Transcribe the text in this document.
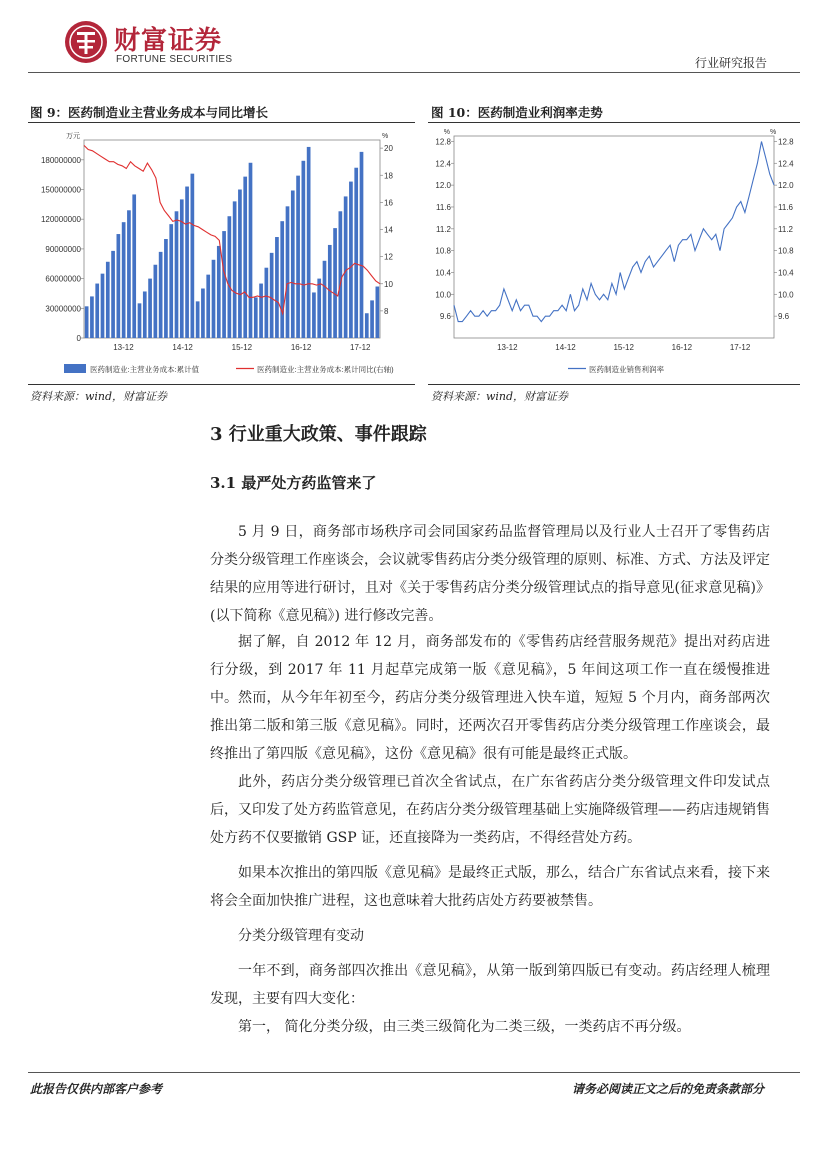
财富证券
FORTUNE SECURITIES	行业研究报告
图 9：医药制造业主营业务成本与同比增长	图 10：医药制造业利润率走势
万元	%
0
30000000
60000000
90000000
120000000
150000000
180000000
8
10
12
14
16
18
20
13-12	14-12	15-12	16-12	17-12
医药制造业:主营业务成本:累计值	医药制造业:主营业务成本:累计同比(右轴)
%	%
9.6	9.6
10.0	10.0
10.4	10.4
10.8	10.8
11.2	11.2
11.6	11.6
12.0	12.0
12.4	12.4
12.8	12.8
13-12	14-12	15-12	16-12	17-12
医药制造业销售利润率
资料来源：wind，财富证券	资料来源：wind，财富证券
3 行业重大政策、事件跟踪
3.1 最严处方药监管来了
5 月 9 日，商务部市场秩序司会同国家药品监督管理局以及行业人士召开了零售药店分类分级管理工作座谈会，会议就零售药店分类分级管理的原则、标准、方式、方法及评定结果的应用等进行研讨，且对《关于零售药店分类分级管理试点的指导意见(征求意见稿)》(以下简称《意见稿》) 进行修改完善。
据了解，自 2012 年 12 月，商务部发布的《零售药店经营服务规范》提出对药店进行分级，到 2017 年 11 月起草完成第一版《意见稿》，5 年间这项工作一直在缓慢推进中。 然而，从今年年初至今，药店分类分级管理进入快车道，短短 5 个月内，商务部两次推出第二版和第三版《意见稿》。同时，还两次召开零售药店分类分级管理工作座谈会，最终推出了第四版《意见稿》，这份《意见稿》很有可能是最终正式版。
此外，药店分类分级管理已首次全省试点，在广东省药店分类分级管理文件印发试点后，又印发了处方药监管意见，在药店分类分级管理基础上实施降级管理——药店违规销售处方药不仅要撤销 GSP 证，还直接降为一类药店，不得经营处方药。
如果本次推出的第四版《意见稿》是最终正式版，那么，结合广东省试点来看，接下来将会全面加快推广进程，这也意味着大批药店处方药要被禁售。
分类分级管理有变动
一年不到，商务部四次推出《意见稿》，从第一版到第四版已有变动。药店经理人梳理发现，主要有四大变化：
第一， 简化分类分级，由三类三级简化为二类三级，一类药店不再分级。
此报告仅供内部客户参考	请务必阅读正文之后的免责条款部分
